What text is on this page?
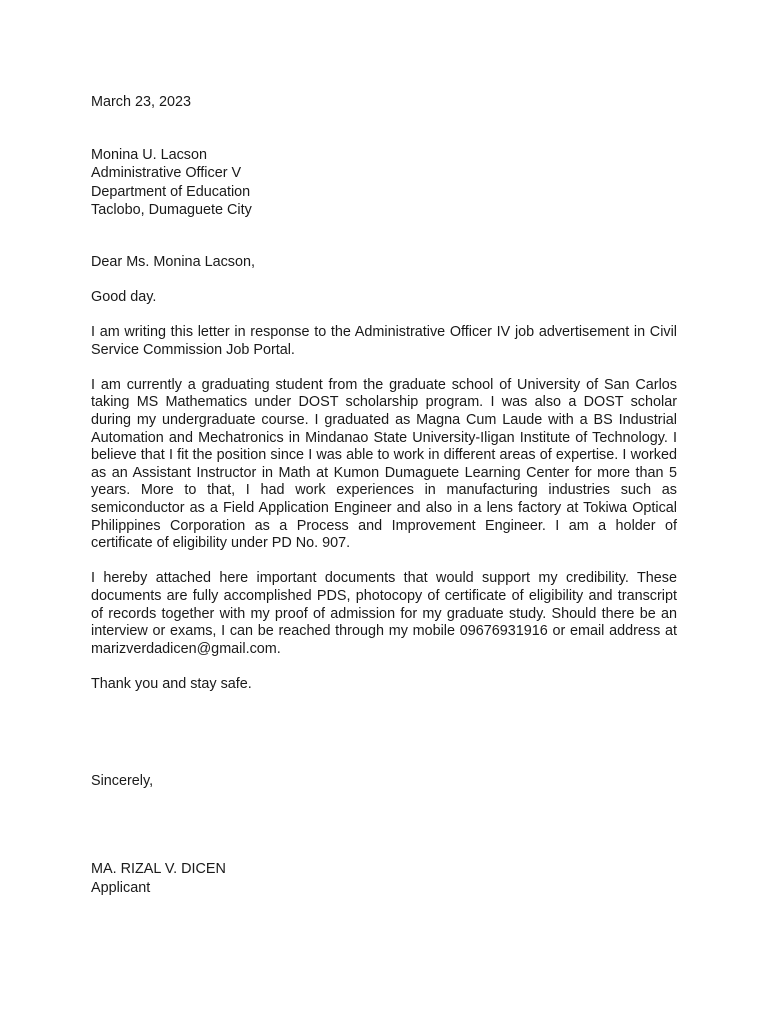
March 23, 2023
Monina U. Lacson
Administrative Officer V
Department of Education
Taclobo, Dumaguete City

Dear Ms. Monina Lacson,

Good day.

I am writing this letter in response to the Administrative Officer IV job advertisement in Civil Service Commission Job Portal.

I am currently a graduating student from the graduate school of University of San Carlos taking MS Mathematics under DOST scholarship program. I was also a DOST scholar during my undergraduate course. I graduated as Magna Cum Laude with a BS Industrial Automation and Mechatronics in Mindanao State University-Iligan Institute of Technology. I believe that I fit the position since I was able to work in different areas of expertise. I worked as an Assistant Instructor in Math at Kumon Dumaguete Learning Center for more than 5 years. More to that, I had work experiences in manufacturing industries such as semiconductor as a Field Application Engineer and also in a lens factory at Tokiwa Optical Philippines Corporation as a Process and Improvement Engineer. I am a holder of certificate of eligibility under PD No. 907.

I hereby attached here important documents that would support my credibility. These documents are fully accomplished PDS, photocopy of certificate of eligibility and transcript of records together with my proof of admission for my graduate study. Should there be an interview or exams, I can be reached through my mobile 09676931916 or email address at marizverdadicen@gmail.com.

Thank you and stay safe.

Sincerely,
MA. RIZAL V. DICEN
Applicant
